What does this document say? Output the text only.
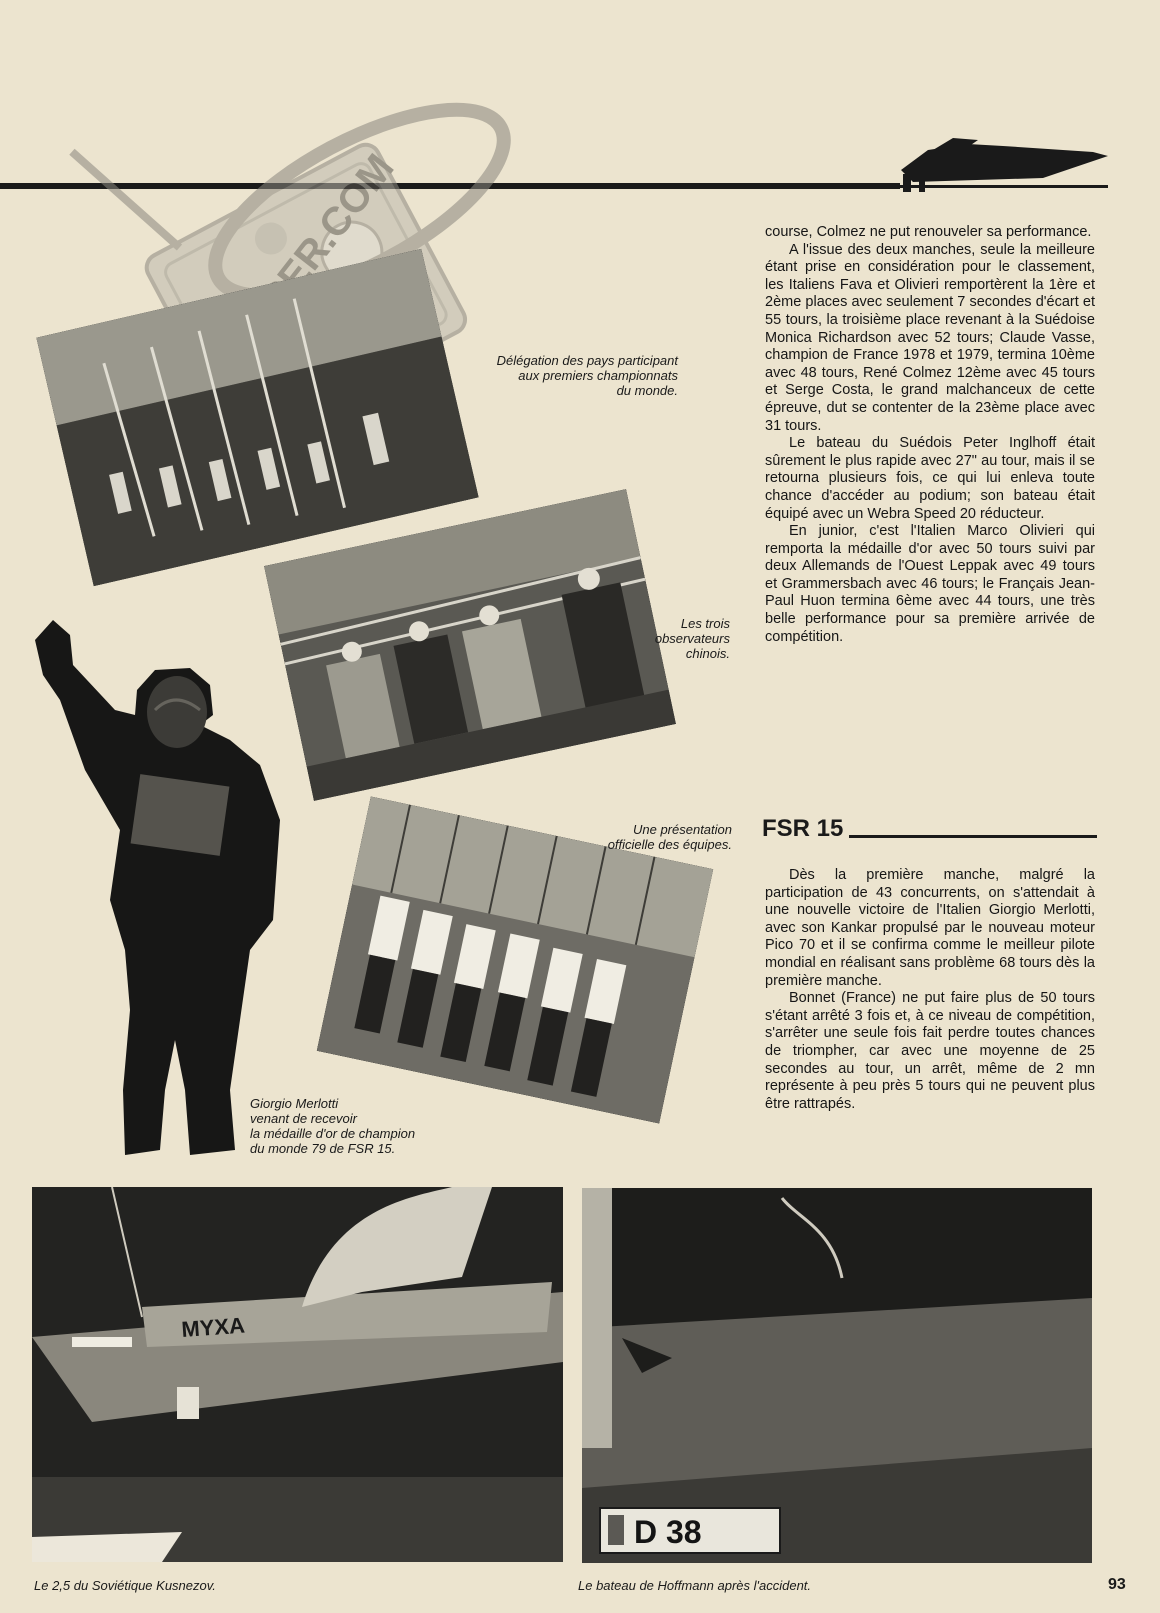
Délégation des pays participant
aux premiers championnats
du monde.
Les trois
observateurs
chinois.
Une présentation
officielle des équipes.
Giorgio Merlotti
venant de recevoir
la médaille d'or de champion
du monde 79 de FSR 15.
MYXA
D 38
Le 2,5 du Soviétique Kusnezov.	Le bateau de Hoffmann après l'accident.

course, Colmez ne put renouveler sa performance.

A l'issue des deux manches, seule la meilleure étant prise en considération pour le classement, les Italiens Fava et Olivieri remportèrent la 1ère et 2ème places avec seulement 7 secondes d'écart et 55 tours, la troisième place revenant à la Suédoise Monica Richardson avec 52 tours; Claude Vasse, champion de France 1978 et 1979, termina 10ème avec 48 tours, René Colmez 12ème avec 45 tours et Serge Costa, le grand malchanceux de cette épreuve, dut se contenter de la 23ème place avec 31 tours.

Le bateau du Suédois Peter Inglhoff était sûrement le plus rapide avec 27" au tour, mais il se retourna plusieurs fois, ce qui lui enleva toute chance d'accéder au podium; son bateau était équipé avec un Webra Speed 20 réducteur.

En junior, c'est l'Italien Marco Olivieri qui remporta la médaille d'or avec 50 tours suivi par deux Allemands de l'Ouest Leppak avec 49 tours et Grammersbach avec 46 tours; le Français Jean-Paul Huon termina 6ème avec 44 tours, une très belle performance pour sa première arrivée de compétition.

FSR 15

Dès la première manche, malgré la participation de 43 concurrents, on s'attendait à une nouvelle victoire de l'Italien Giorgio Merlotti, avec son Kankar propulsé par le nouveau moteur Pico 70 et il se confirma comme le meilleur pilote mondial en réalisant sans problème 68 tours dès la première manche.

Bonnet (France) ne put faire plus de 50 tours s'étant arrêté 3 fois et, à ce niveau de compétition, s'arrêter une seule fois fait perdre toutes chances de triompher, car avec une moyenne de 25 secondes au tour, un arrêt, même de 2 mn représente à peu près 5 tours qui ne peuvent plus être rattrapés.

93
